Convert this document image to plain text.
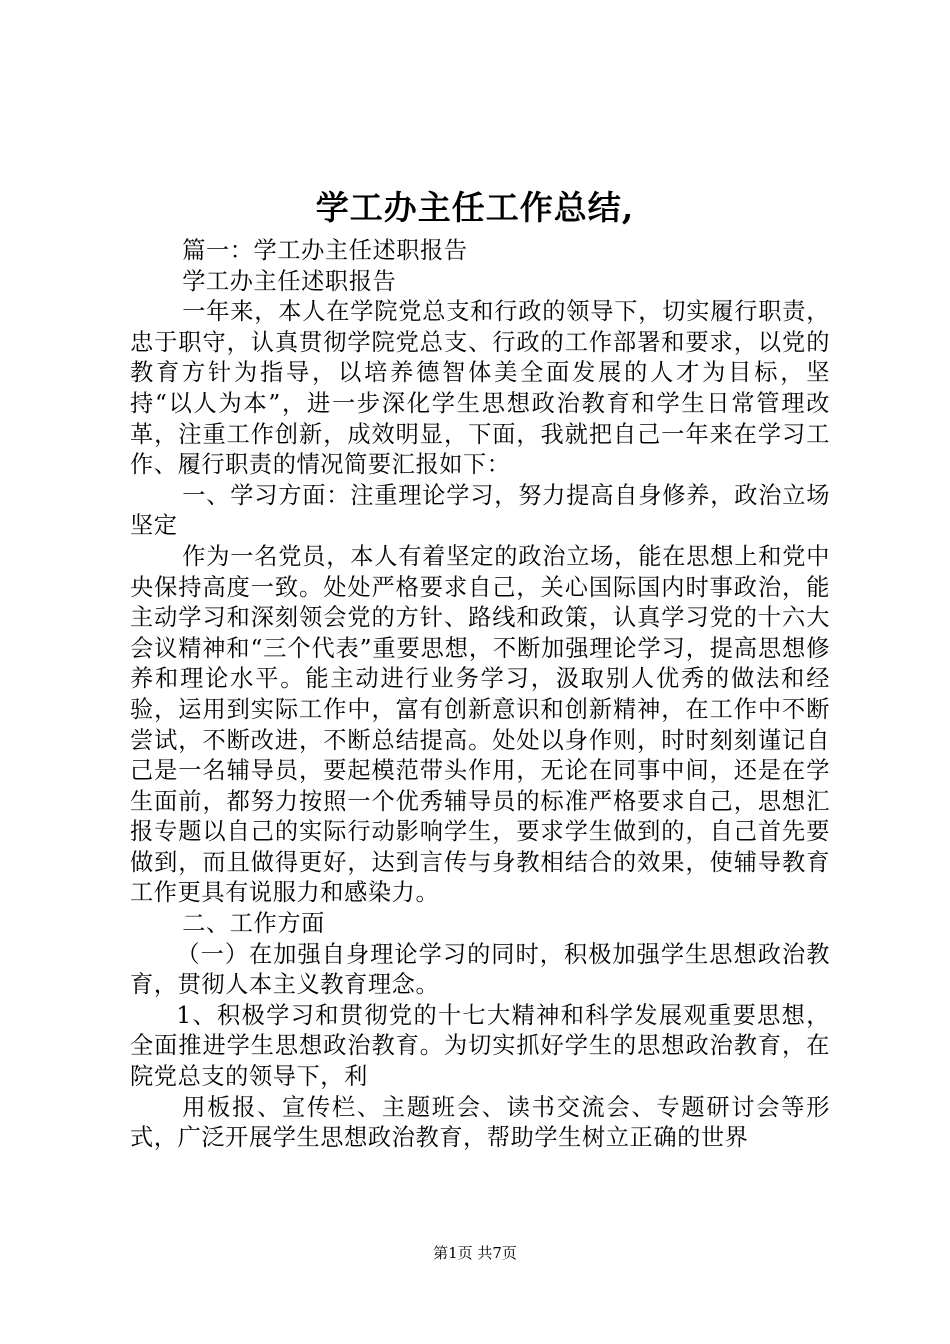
学工办主任工作总结,

篇一：学工办主任述职报告

学工办主任述职报告

一年来，本人在学院党总支和行政的领导下，切实履行职责，忠于职守，认真贯彻学院党总支、行政的工作部署和要求，以党的教育方针为指导，以培养德智体美全面发展的人才为目标，坚持“以人为本”，进一步深化学生思想政治教育和学生日常管理改革，注重工作创新，成效明显，下面，我就把自己一年来在学习工作、履行职责的情况简要汇报如下：

一、学习方面：注重理论学习，努力提高自身修养，政治立场坚定

作为一名党员，本人有着坚定的政治立场，能在思想上和党中央保持高度一致。处处严格要求自己，关心国际国内时事政治，能主动学习和深刻领会党的方针、路线和政策，认真学习党的十六大会议精神和“三个代表”重要思想，不断加强理论学习，提高思想修养和理论水平。能主动进行业务学习，汲取别人优秀的做法和经验，运用到实际工作中，富有创新意识和创新精神，在工作中不断尝试，不断改进，不断总结提高。处处以身作则，时时刻刻谨记自己是一名辅导员，要起模范带头作用，无论在同事中间，还是在学生面前，都努力按照一个优秀辅导员的标准严格要求自己，思想汇报专题以自己的实际行动影响学生，要求学生做到的，自己首先要做到，而且做得更好，达到言传与身教相结合的效果，使辅导教育工作更具有说服力和感染力。

二、工作方面

（一）在加强自身理论学习的同时，积极加强学生思想政治教育，贯彻人本主义教育理念。

1、积极学习和贯彻党的十七大精神和科学发展观重要思想，全面推进学生思想政治教育。为切实抓好学生的思想政治教育，在院党总支的领导下，利

用板报、宣传栏、主题班会、读书交流会、专题研讨会等形式，广泛开展学生思想政治教育，帮助学生树立正确的世界

第1页 共7页
